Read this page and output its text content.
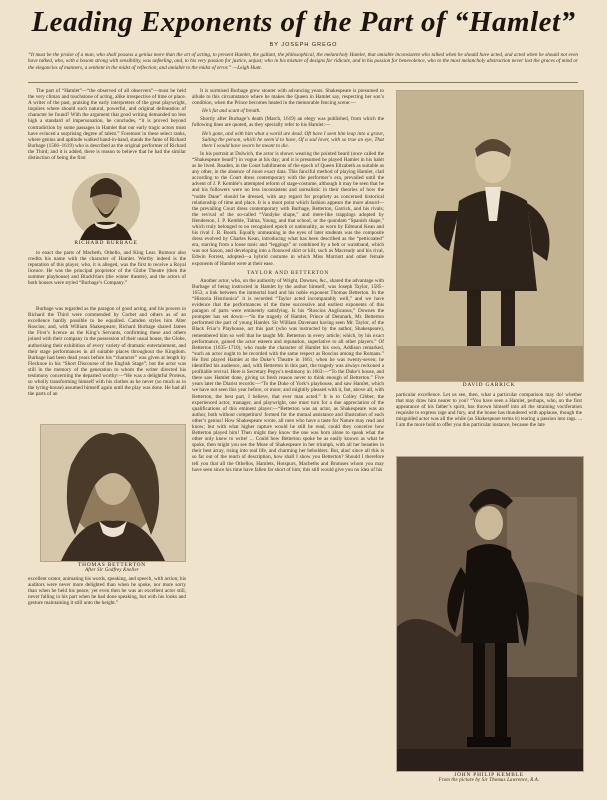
Leading Exponents of the Part of “Hamlet”
BY JOSEPH GREGO
“It must be the praise of a man, who shall possess a genius more than the art of acting, to present Hamlet, the gallant, the philosophical, the melancholy Hamlet, that amiable inconsistent who talked when he should have acted, and acted when he should not even have talked, who, with a bosom strong with sensibility, was unfeeling, and, to his very passion for justice, unjust; who in his mixture of designs for ridicule, and in his passion for benevolence, who to the most melancholy abstraction never lost the graces of mind or the elegancies of manners, a sentient in the midst of reflection, and amiable to the midst of error.” —Leigh Hunt.

The part of “Hamlet”—“the observed of all observers”—must be held the very climax and touchstone of acting, alike irrespective of time or place. A writer of the past, praising the early interpreters of the great playwright, inquires where should such natural, powerful, and original delineation of character be found? With the argument that good writing demanded no less high a standard of impersonation, he concludes, “it is proved beyond contradiction by some passages in Hamlet that our early tragic actors must have evinced a surprising degree of talent.” Foremost in these select ranks, where genius and aptitude walked hand-in-hand, stands the fame of Richard Burbage (1566–1619) who is described as the original performer of Richard the Third; and it is added, there is reason to believe that he had the similar distinction of being the first

RICHARD BURBAGE

to enact the parts of Macbeth, Othello, and King Lear. Rumour also credits his name with the character of Hamlet. Worthy indeed is the reputation of this player, who, it is alleged, was the first to receive a Royal licence. He was the principal proprietor of the Globe Theatre (then the summer playhouse) and Blackfriars (the winter theatre), and the actors of both houses were styled “Burbage’s Company.”

Burbage was regarded as the paragon of good acting, and his powers in Richard the Third were commended by Corbet and others as of an excellence hardly possible to be equalled. Camden styles him Alter Roscius; and, with William Shakespeare, Richard Burbage shared James the First’s licence as the King’s Servants, confirming these and others joined with their company in the possession of their usual house, the Globe, authorising their exhibition of every variety of dramatic entertainment, and their stage performances in all suitable places throughout the Kingdom. Burbage had been dead years before his “character” was given at length by Flecknoe in his “Short Discourse of the English Stage”; but the actor was still in the memory of the generation to whom the writer directed his testimony concerning the departed worthy:—“He was a delightful Proteus, so wholly transforming himself with his clothes as he never (so much as in the tyring-house) assumed himself again until the play was done. He had all the parts of an

THOMAS BETTERTON
After Sir Godfrey Kneller

excellent orator, animating his words, speaking, and speech, with action; his auditors were never more delighted than when he spoke, nor more sorry than when he held his peace; yet even then he was an excellent actor still, never falling in his part when he had done speaking, but with his looks and gesture maintaining it still unto the height.”

It is surmised Burbage grew stouter with advancing years. Shakespeare is presumed to allude to this circumstance where he makes the Queen in Hamlet say, respecting her son’s condition, when the Prince becomes heated in the memorable fencing scene:—

He’s fat and scant of breath.

Shortly after Burbage’s death (March, 1619) an elegy was published, from which the following lines are quoted, as they specially refer to his Hamlet:—

He’s gone, and with him what a world are dead. Oft have I seen him leap into a grave, Suiting the person, which he seem’d to have, Of a sad lover, with so true an eye, That there I would have sworn he meant to die.

In his portrait at Dulwich, the actor is shown wearing the pointed beard (once called the “Shakespeare beard”) in vogue at his day; and it is presumed he played Hamlet in his habit as he lived. Boaden, in the Court habiliments of the epoch of Queen Elizabeth as suitable as any other, in the absence of more exact data. This fanciful method of playing Hamlet, clad according to the Court dress contemporary with the performer’s era, prevailed until the advent of J. P. Kemble’s attempted reform of stage-costume, although it may be seen that he and his followers were no less inconsistent and unrealistic in their theories of how the “noble Dane” should be dressed, with any regard for propriety as concerned historical relationship of time and place. It is a moot point which fashion appears the more absurd—the prevailing Court dress contemporary with Burbage, Betterton, Garrick, and his rivals; the revival of the so-called “Vandyke shape,” and mere-like trappings adopted by Henderson, J. P. Kemble, Talma, Young, and that school, or the quondam “Spanish shape,” which truly belonged to no recognised epoch or nationality, as worn by Edmund Kean and his rival J. B. Booth. Equally unmeaning in the eyes of later students was the composite dress evolved by Charles Kean, introducing what has been described as the “petticoated” era, starring from a loose tunic and “leggings” or combined by a belt or waistband, which was not Saxon, and developing into a flounced skirt or kilt, such as Macready and his rival, Edwin Forrest, adopted—a hybrid costume in which Miss Marriott and other female exponents of Hamlet were at their ease.

TAYLOR AND BETTERTON

Another actor, who, on the authority of Wright, Downes, &c., shared the advantage with Burbage of being instructed in Hamlet by the author himself, was Joseph Taylor, 1585–1653, a link between the immortal bard and his noble exponent Thomas Betterton. In the “Historia Histrionica” it is recorded “Taylor acted incomparably well,” and we have evidence that the performances of the three successive and earliest exponents of this paragon of parts were eminently satisfying. Is his “Roscius Anglicanus,” Downes the prompter has set down:—“In the tragedy of Hamlet, Prince of Denmark, Mr. Betterton performed the part of young Hamlet. Sir William Davenant having seen Mr. Taylor, of the Black Friar’s Playhouse, act this part (who was instructed by the author, Shakespeare), remembered him so well that he taught Mr. Betterton in every article; which, by his exact performance, gained the actor esteem and reputation, superlative to all other players.” Of Betterton (1635–1710), who made the character of Hamlet his own, Addison remarked, “such an actor ought to be recorded with the same respect as Roscius among the Romans.” He first played Hamlet at the Duke’s Theatre in 1661, when he was twenty-seven; he identified his audience, and, with Betterton in this part, the tragedy was always reckoned a profitable revival. Here is Secretary Pepys’s testimony in 1663:—“To the Duke’s house, and there saw Hamlet done, giving us fresh reason never to think enough of Betterton.” Five years later the Diarist records:—“To the Duke of York’s playhouse, and saw Hamlet, which we have not seen this year before, or more; and mightily pleased with it, but, above all, with Betterton, the best part, I believe, that ever man acted.” It is to Colley Cibber, the experienced actor, manager, and playwright, one must turn for a due appreciation of the qualifications of this eminent player:—“Betterton was an actor, as Shakespeare was an author, both without competitors! formed for the mutual assistance and illustration of each other’s genius! How Shakespeare wrote, all men who have a taste for Nature may read and know; but with what higher rapture would he still be read, could they conceive how Betterton played him! Then might they know the one was born alone to speak what the other only knew to write! ... Could how Betterton spoke be as easily known as what he spoke, then might you see the Muse of Shakespeare in her triumph, with all her beauties in their best array, rising into real life, and charming her beholders. But, alas! since all this is so far out of the reach of description, how shall I show you Betterton? Should I therefore tell you that all the Othellos, Hamlets, Hotspurs, Macbeths and Brutuses whom you may have seen since his time have fallen far short of him; this still would give you no idea of his

DAVID GARRICK

particular excellence. Let us see, then, what a particular comparison may do! whether that may draw him nearer to you? “You have seen a Hamlet, perhaps, who, on the first appearance of his father’s spirit, has thrown himself into all the straining vociferation requisite to express rage and fury, and the house has thundered with applause, though the misguided actor was all the while (as Shakespeare terms it) tearing a passion into rags. ... I am the more bold to offer you this particular instance, because the late

JOHN PHILIP KEMBLE
From the picture by Sir Thomas Lawrence, R.A.
